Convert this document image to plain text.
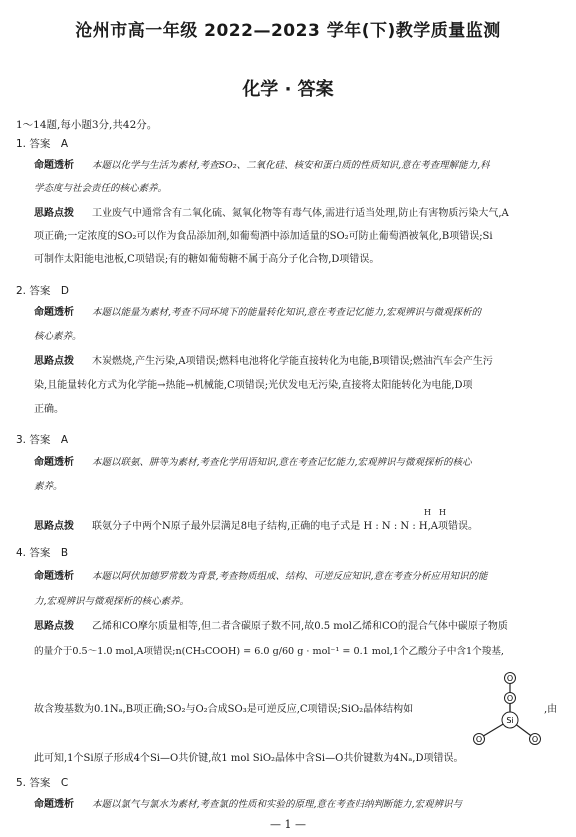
沧州市高一年级 2022—2023 学年(下)教学质量监测
化学 · 答案
1～14题,每小题3分,共42分。
1. 答案　A
命题透析 本题以化学与生活为素材,考查SO₂、二氧化硅、核安和蛋白质的性质知识,意在考查理解能力,科
学态度与社会责任的核心素养。
思路点拨 工业废气中通常含有二氧化硫、氮氧化物等有毒气体,需进行适当处理,防止有害物质污染大气,A
项正确;一定浓度的SO₂可以作为食品添加剂,如葡萄酒中添加适量的SO₂可防止葡萄酒被氧化,B项错误;Si
可制作太阳能电池板,C项错误;有的糖如葡萄糖不属于高分子化合物,D项错误。
2. 答案　D
命题透析 本题以能量为素材,考查不同环境下的能量转化知识,意在考查记忆能力,宏观辨识与微观探析的
核心素养。
思路点拨 木炭燃烧,产生污染,A项错误;燃料电池将化学能直接转化为电能,B项错误;燃油汽车会产生污
染,且能量转化方式为化学能→热能→机械能,C项错误;光伏发电无污染,直接将太阳能转化为电能,D项
正确。
3. 答案　A
命题透析 本题以联氨、肼等为素材,考查化学用语知识,意在考查记忆能力,宏观辨识与微观探析的核心
素养。
H　H
思路点拨 联氨分子中两个N原子最外层满足8电子结构,正确的电子式是 H : N : N : H,A项错误。
4. 答案　B
命题透析 本题以阿伏加德罗常数为背景,考查物质组成、结构、可逆反应知识,意在考查分析应用知识的能
力,宏观辨识与微观探析的核心素养。
思路点拨 乙烯和CO摩尔质量相等,但二者含碳原子数不同,故0.5 mol乙烯和CO的混合气体中碳原子物质
的量介于0.5～1.0 mol,A项错误;n(CH₃COOH) = 6.0 g/60 g · mol⁻¹ = 0.1 mol,1个乙酸分子中含1个羧基,
故含羧基数为0.1Nₐ,B项正确;SO₂与O₂合成SO₃是可逆反应,C项错误;SiO₂晶体结构如	,由
O
O
O	O
Si
此可知,1个Si原子形成4个Si—O共价键,故1 mol SiO₂晶体中含Si—O共价键数为4Nₐ,D项错误。
5. 答案　C
命题透析 本题以氯气与氯水为素材,考查氯的性质和实验的原理,意在考查归纳判断能力,宏观辨识与
— 1 —
